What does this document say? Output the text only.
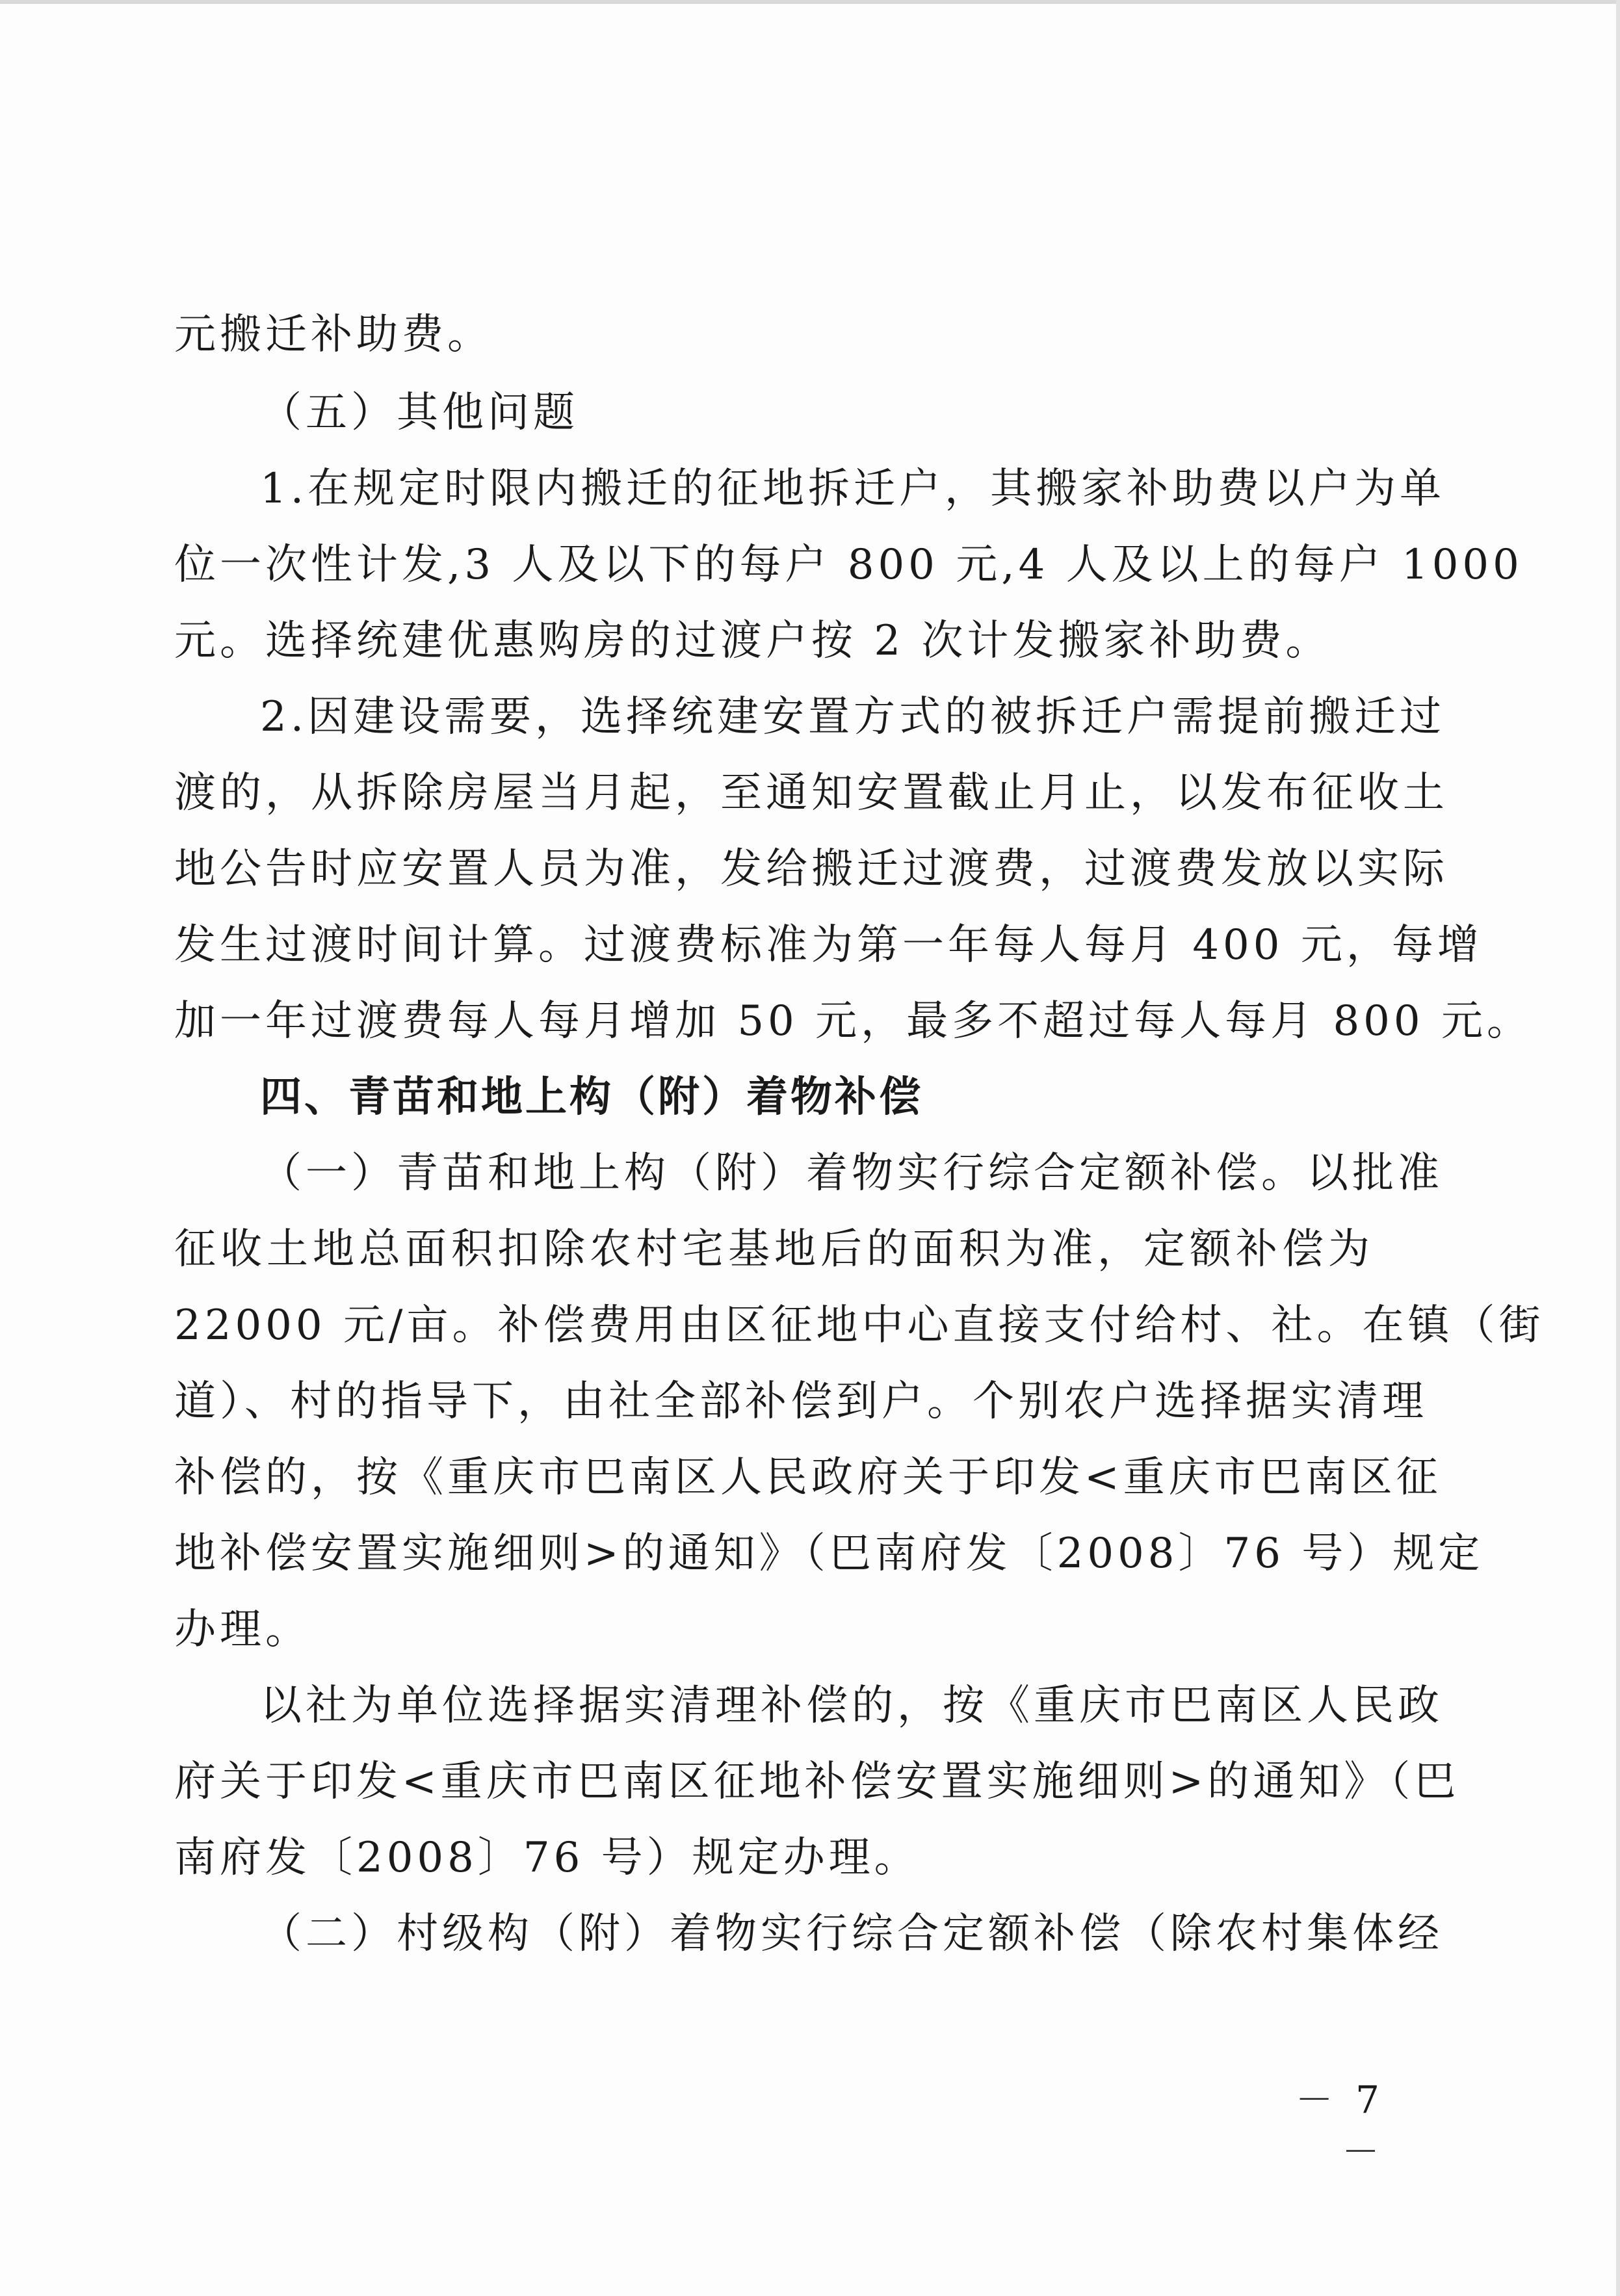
元搬迁补助费。
（五）其他问题
1.在规定时限内搬迁的征地拆迁户，其搬家补助费以户为单
位一次性计发,3 人及以下的每户 800 元,4 人及以上的每户 1000
元。选择统建优惠购房的过渡户按 2 次计发搬家补助费。
2.因建设需要，选择统建安置方式的被拆迁户需提前搬迁过
渡的，从拆除房屋当月起，至通知安置截止月止，以发布征收土
地公告时应安置人员为准，发给搬迁过渡费，过渡费发放以实际
发生过渡时间计算。过渡费标准为第一年每人每月 400 元，每增
加一年过渡费每人每月增加 50 元，最多不超过每人每月 800 元。
四、青苗和地上构（附）着物补偿
（一）青苗和地上构（附）着物实行综合定额补偿。以批准
征收土地总面积扣除农村宅基地后的面积为准，定额补偿为
22000 元/亩。补偿费用由区征地中心直接支付给村、社。在镇（街
道）、村的指导下，由社全部补偿到户。个别农户选择据实清理
补偿的，按《重庆市巴南区人民政府关于印发<重庆市巴南区征
地补偿安置实施细则>的通知》（巴南府发〔2008〕76 号）规定
办理。
以社为单位选择据实清理补偿的，按《重庆市巴南区人民政
府关于印发<重庆市巴南区征地补偿安置实施细则>的通知》（巴
南府发〔2008〕76 号）规定办理。
（二）村级构（附）着物实行综合定额补偿（除农村集体经
－ 7 －
